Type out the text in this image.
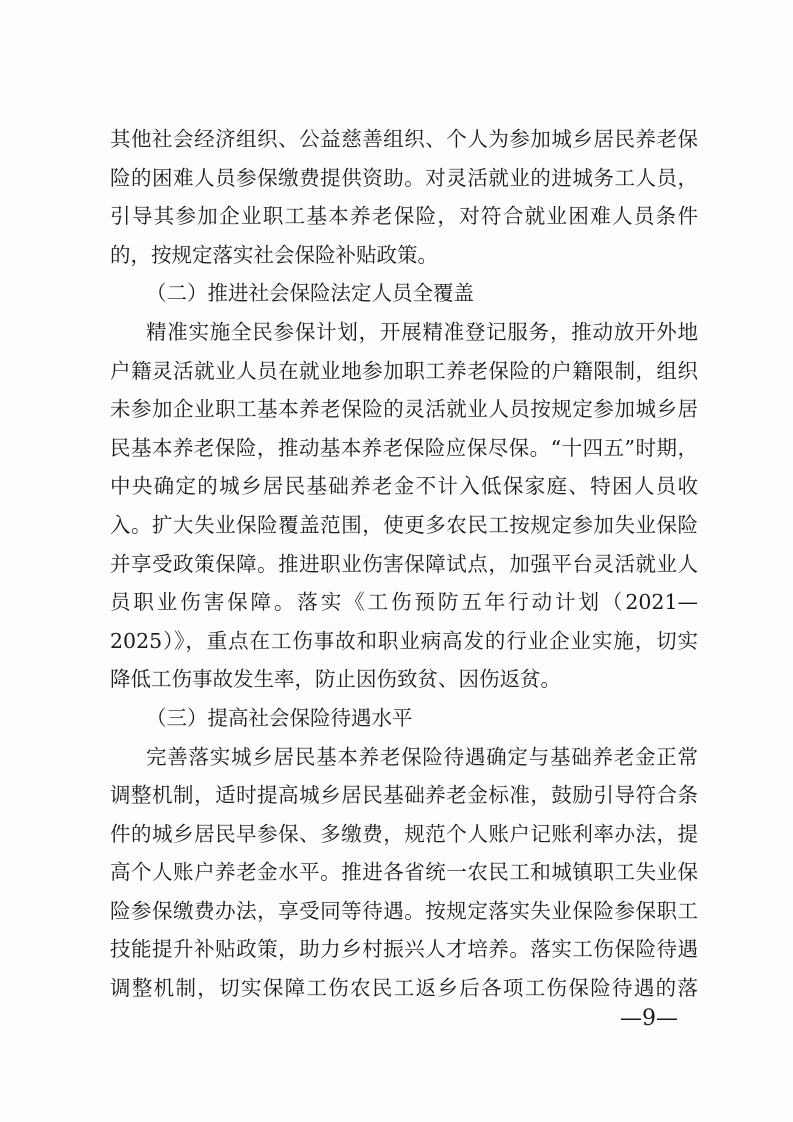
其他社会经济组织、公益慈善组织、个人为参加城乡居民养老保
险的困难人员参保缴费提供资助。对灵活就业的进城务工人员，
引导其参加企业职工基本养老保险，对符合就业困难人员条件
的，按规定落实社会保险补贴政策。
（二）推进社会保险法定人员全覆盖
精准实施全民参保计划，开展精准登记服务，推动放开外地
户籍灵活就业人员在就业地参加职工养老保险的户籍限制，组织
未参加企业职工基本养老保险的灵活就业人员按规定参加城乡居
民基本养老保险，推动基本养老保险应保尽保。“十四五”时期，
中央确定的城乡居民基础养老金不计入低保家庭、特困人员收
入。扩大失业保险覆盖范围，使更多农民工按规定参加失业保险
并享受政策保障。推进职业伤害保障试点，加强平台灵活就业人
员职业伤害保障。落实《工伤预防五年行动计划（2021—
2025）》，重点在工伤事故和职业病高发的行业企业实施，切实
降低工伤事故发生率，防止因伤致贫、因伤返贫。
（三）提高社会保险待遇水平
完善落实城乡居民基本养老保险待遇确定与基础养老金正常
调整机制，适时提高城乡居民基础养老金标准，鼓励引导符合条
件的城乡居民早参保、多缴费，规范个人账户记账利率办法，提
高个人账户养老金水平。推进各省统一农民工和城镇职工失业保
险参保缴费办法，享受同等待遇。按规定落实失业保险参保职工
技能提升补贴政策，助力乡村振兴人才培养。落实工伤保险待遇
调整机制，切实保障工伤农民工返乡后各项工伤保险待遇的落
—9—
